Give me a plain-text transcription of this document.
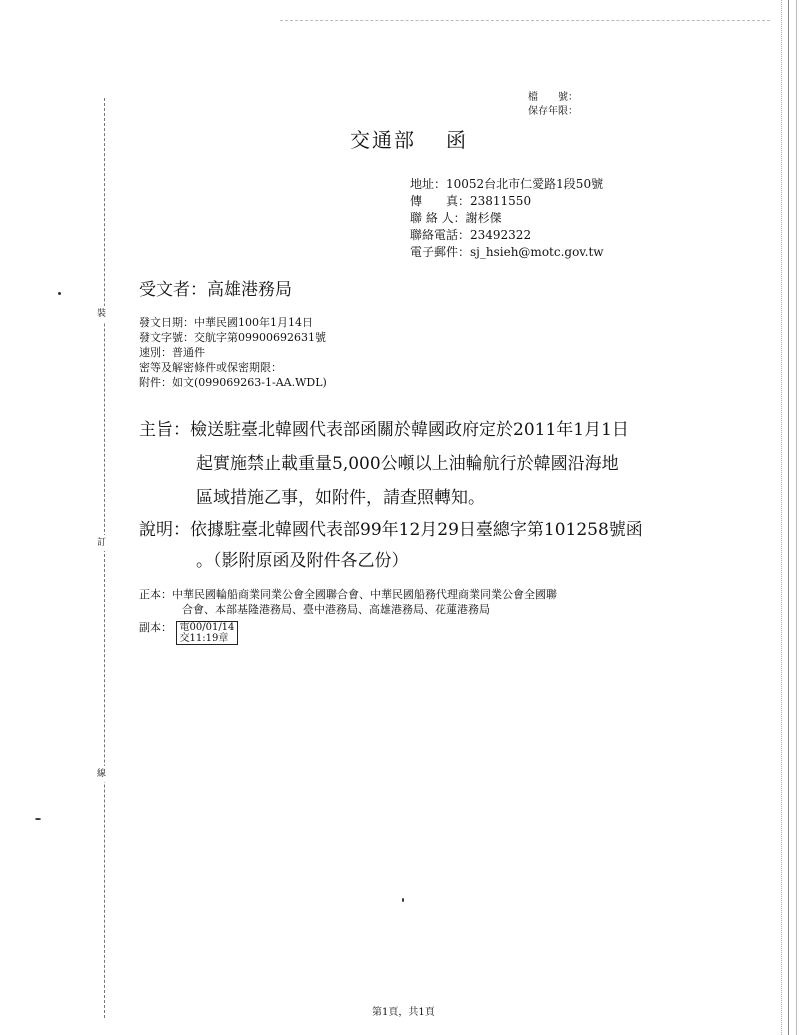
裝
訂
線
檔　　號：
保存年限：
交通部 函
地址：10052台北市仁愛路1段50號
傳　　真：23811550
聯 絡 人：謝杉傑
聯絡電話：23492322
電子郵件：sj_hsieh@motc.gov.tw
受文者：高雄港務局
發文日期：中華民國100年1月14日
發文字號：交航字第09900692631號
速別：普通件
密等及解密條件或保密期限：
附件：如文(099069263-1-AA.WDL)
主旨：檢送駐臺北韓國代表部函關於韓國政府定於2011年1月1日
起實施禁止載重量5,000公噸以上油輪航行於韓國沿海地
區域措施乙事，如附件，請查照轉知。
說明：依據駐臺北韓國代表部99年12月29日臺總字第101258號函
。（影附原函及附件各乙份）
正本：中華民國輪船商業同業公會全國聯合會、中華民國船務代理商業同業公會全國聯
合會、本部基隆港務局、臺中港務局、高雄港務局、花蓮港務局
副本： 電00/01/14
交11:19章
第1頁，共1頁
